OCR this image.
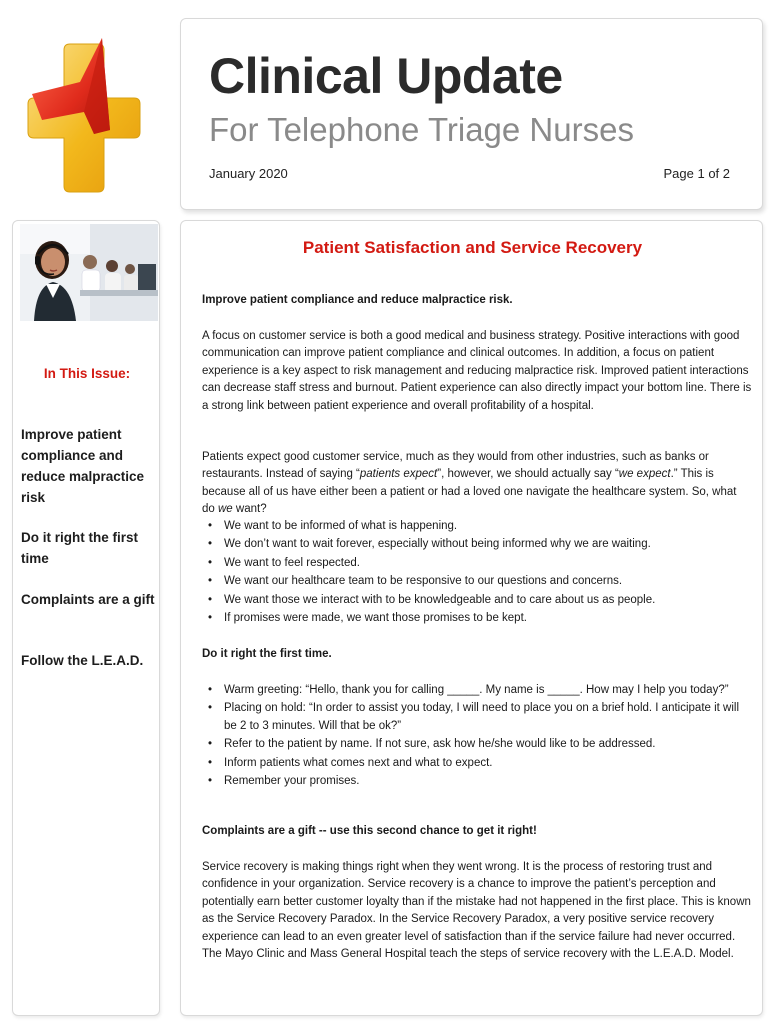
Clinical Update
For Telephone Triage Nurses
January 2020	Page 1 of 2
In This Issue:
Improve patient compliance and reduce malpractice risk
Do it right the first time
Complaints are a gift
Follow the L.E.A.D.
Patient Satisfaction and Service Recovery
Improve patient compliance and reduce malpractice risk.
A focus on customer service is both a good medical and business strategy. Positive interactions with good communication can improve patient compliance and clinical outcomes. In addition, a focus on patient experience is a key aspect to risk management and reducing malpractice risk. Improved patient interactions can decrease staff stress and burnout. Patient experience can also directly impact your bottom line. There is a strong link between patient experience and overall profitability of a hospital.
Patients expect good customer service, much as they would from other industries, such as banks or restaurants. Instead of saying “patients expect”, however, we should actually say “we expect.” This is because all of us have either been a patient or had a loved one navigate the healthcare system. So, what do we want?
• We want to be informed of what is happening.
• We don’t want to wait forever, especially without being informed why we are waiting.
• We want to feel respected.
• We want our healthcare team to be responsive to our questions and concerns.
• We want those we interact with to be knowledgeable and to care about us as people.
• If promises were made, we want those promises to be kept.
Do it right the first time.
• Warm greeting: “Hello, thank you for calling _____. My name is _____. How may I help you today?”
• Placing on hold: “In order to assist you today, I will need to place you on a brief hold. I anticipate it will be 2 to 3 minutes. Will that be ok?”
• Refer to the patient by name. If not sure, ask how he/she would like to be addressed.
• Inform patients what comes next and what to expect.
• Remember your promises.
Complaints are a gift -- use this second chance to get it right!
Service recovery is making things right when they went wrong. It is the process of restoring trust and confidence in your organization. Service recovery is a chance to improve the patient’s perception and potentially earn better customer loyalty than if the mistake had not happened in the first place. This is known as the Service Recovery Paradox. In the Service Recovery Paradox, a very positive service recovery experience can lead to an even greater level of satisfaction than if the service failure had never occurred. The Mayo Clinic and Mass General Hospital teach the steps of service recovery with the L.E.A.D. Model.
